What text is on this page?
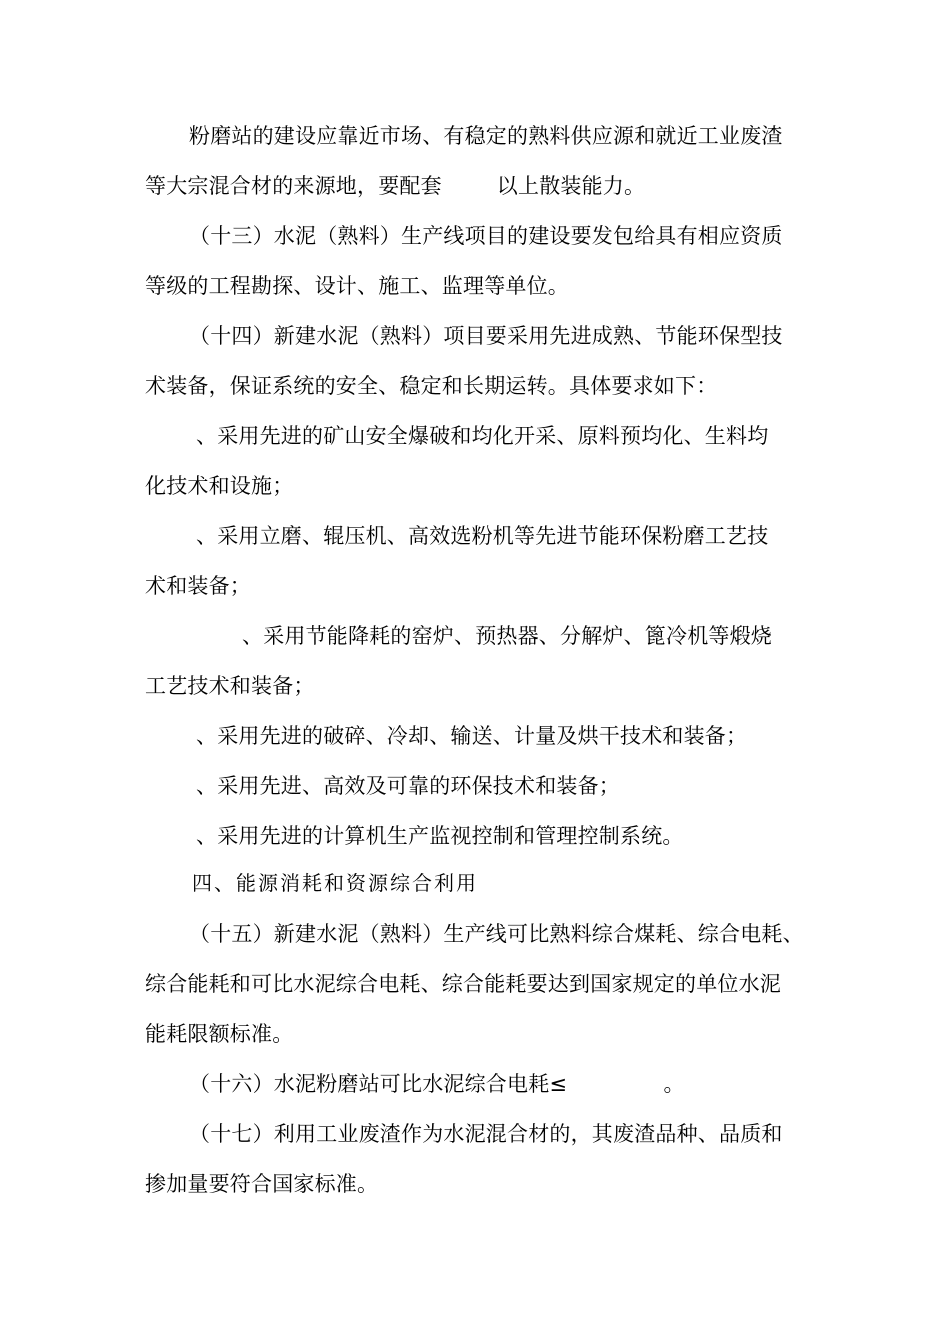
粉磨站的建设应靠近市场、有稳定的熟料供应源和就近工业废渣

等大宗混合材的来源地，要配套        以上散装能力。

（十三）水泥（熟料）生产线项目的建设要发包给具有相应资质

等级的工程勘探、设计、施工、监理等单位。

（十四）新建水泥（熟料）项目要采用先进成熟、节能环保型技

术装备，保证系统的安全、稳定和长期运转。具体要求如下：

、采用先进的矿山安全爆破和均化开采、原料预均化、生料均

化技术和设施；

、采用立磨、辊压机、高效选粉机等先进节能环保粉磨工艺技

术和装备；

、采用节能降耗的窑炉、预热器、分解炉、篦冷机等煅烧

工艺技术和装备；

、采用先进的破碎、冷却、输送、计量及烘干技术和装备；

、采用先进、高效及可靠的环保技术和装备；

、采用先进的计算机生产监视控制和管理控制系统。

四、能源消耗和资源综合利用

（十五）新建水泥（熟料）生产线可比熟料综合煤耗、综合电耗、

综合能耗和可比水泥综合电耗、综合能耗要达到国家规定的单位水泥

能耗限额标准。

（十六）水泥粉磨站可比水泥综合电耗≤              。

（十七）利用工业废渣作为水泥混合材的，其废渣品种、品质和

掺加量要符合国家标准。
